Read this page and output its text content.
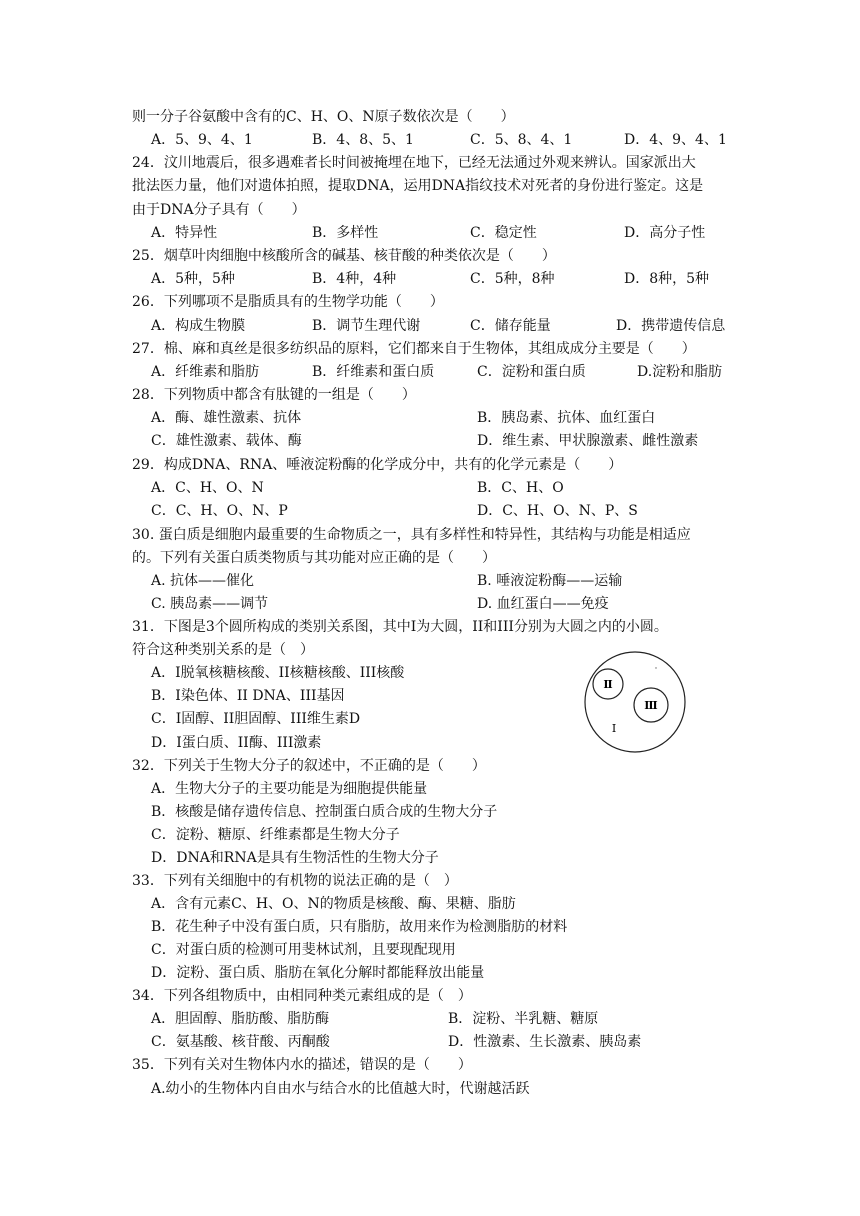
则一分子谷氨酸中含有的C、H、O、N原子数依次是（　　）
A．5、9、4、1	B．4、8、5、1	C．5、8、4、1	D．4、9、4、1
24．汶川地震后，很多遇难者长时间被掩埋在地下，已经无法通过外观来辨认。国家派出大
批法医力量，他们对遗体拍照，提取DNA，运用DNA指纹技术对死者的身份进行鉴定。这是
由于DNA分子具有（　　）
A．特异性	B．多样性	C．稳定性	D．高分子性
25．烟草叶肉细胞中核酸所含的碱基、核苷酸的种类依次是（　　）
A．5种，5种	B．4种，4种	C．5种，8种	D．8种，5种
26．下列哪项不是脂质具有的生物学功能（　　）
A．构成生物膜	B．调节生理代谢	C．储存能量	D．携带遗传信息
27．棉、麻和真丝是很多纺织品的原料，它们都来自于生物体，其组成成分主要是（　　）
A．纤维素和脂肪	B．纤维素和蛋白质	C．淀粉和蛋白质	D.淀粉和脂肪
28．下列物质中都含有肽键的一组是（　　）
A．酶、雄性激素、抗体	B．胰岛素、抗体、血红蛋白
C．雄性激素、载体、酶	D．维生素、甲状腺激素、雌性激素
29．构成DNA、RNA、唾液淀粉酶的化学成分中，共有的化学元素是（　　）
A．C、H、O、N	B．C、H、O
C．C、H、O、N、P	D．C、H、O、N、P、S
30. 蛋白质是细胞内最重要的生命物质之一，具有多样性和特异性，其结构与功能是相适应
的。下列有关蛋白质类物质与其功能对应正确的是（　　）
A. 抗体——催化	B. 唾液淀粉酶——运输
C. 胰岛素——调节	D. 血红蛋白——免疫
31．下图是3个圆所构成的类别关系图，其中I为大圆，II和III分别为大圆之内的小圆。
符合这种类别关系的是（　）
A．I脱氧核糖核酸、II核糖核酸、III核酸
B．I染色体、II DNA、III基因
C．I固醇、II胆固醇、III维生素D
D．I蛋白质、II酶、III激素
Ⅱ
Ⅲ
I
32．下列关于生物大分子的叙述中，不正确的是（　　）
A．生物大分子的主要功能是为细胞提供能量
B．核酸是储存遗传信息、控制蛋白质合成的生物大分子
C．淀粉、糖原、纤维素都是生物大分子
D．DNA和RNA是具有生物活性的生物大分子
33．下列有关细胞中的有机物的说法正确的是（　）
A．含有元素C、H、O、N的物质是核酸、酶、果糖、脂肪
B．花生种子中没有蛋白质，只有脂肪，故用来作为检测脂肪的材料
C．对蛋白质的检测可用斐林试剂，且要现配现用
D．淀粉、蛋白质、脂肪在氧化分解时都能释放出能量
34．下列各组物质中，由相同种类元素组成的是（　）
A．胆固醇、脂肪酸、脂肪酶	B．淀粉、半乳糖、糖原
C．氨基酸、核苷酸、丙酮酸	D．性激素、生长激素、胰岛素
35．下列有关对生物体内水的描述，错误的是（　　）
A.幼小的生物体内自由水与结合水的比值越大时，代谢越活跃
